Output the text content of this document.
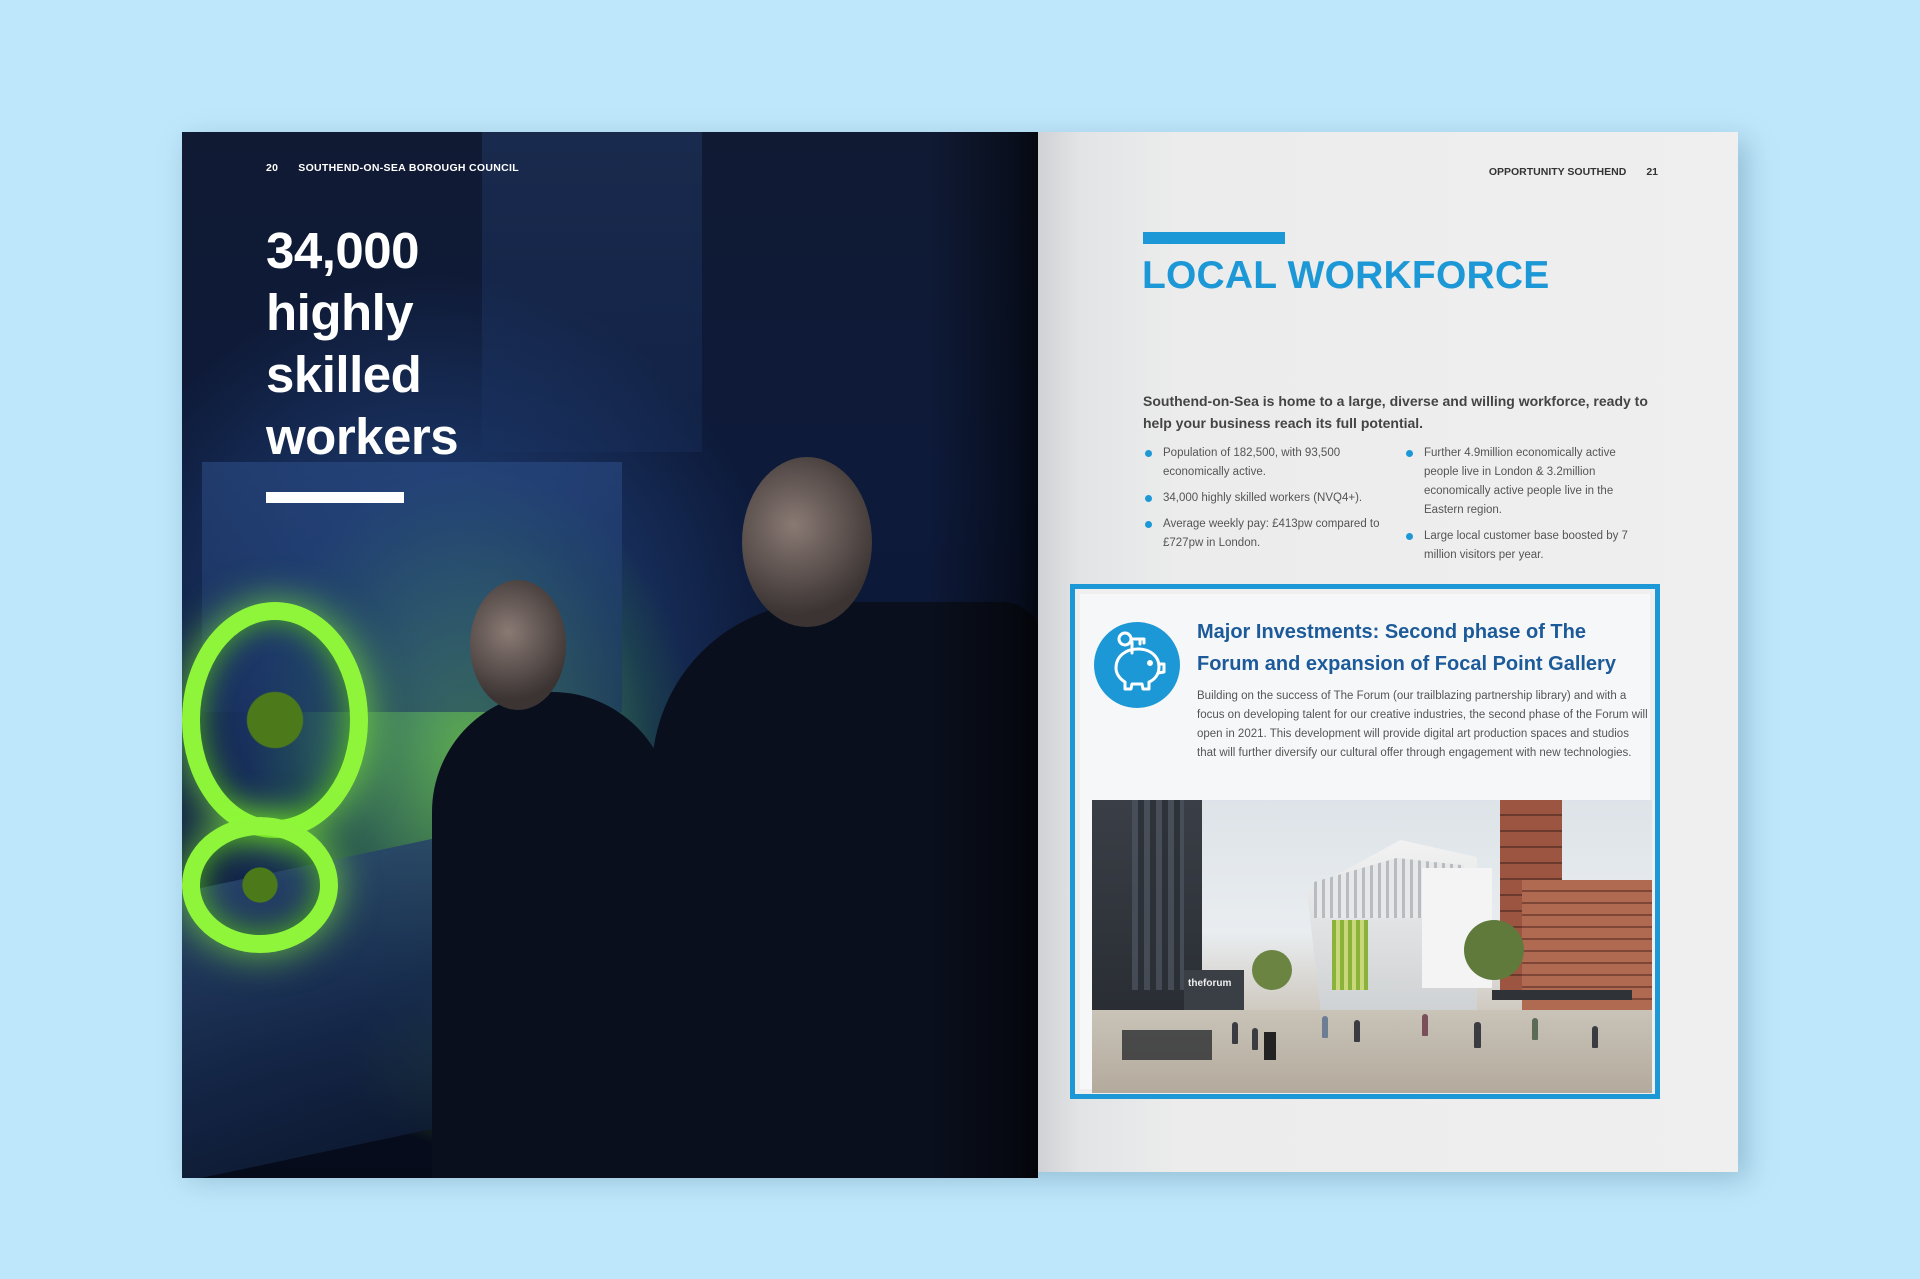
20 SOUTHEND-ON-SEA BOROUGH COUNCIL
34,000
highly
skilled
workers
OPPORTUNITY SOUTHEND 21
LOCAL WORKFORCE
Southend-on-Sea is home to a large, diverse and willing workforce, ready to help your business reach its full potential.
Population of 182,500, with 93,500 economically active.
34,000 highly skilled workers (NVQ4+).
Average weekly pay: £413pw compared to £727pw in London.
Further 4.9million economically active people live in London & 3.2million economically active people live in the Eastern region.
Large local customer base boosted by 7 million visitors per year.
Major Investments: Second phase of The Forum and expansion of Focal Point Gallery
Building on the success of The Forum (our trailblazing partnership library) and with a focus on developing talent for our creative industries, the second phase of the Forum will open in 2021. This development will provide digital art production spaces and studios that will further diversify our cultural offer through engagement with new technologies.
theforum
